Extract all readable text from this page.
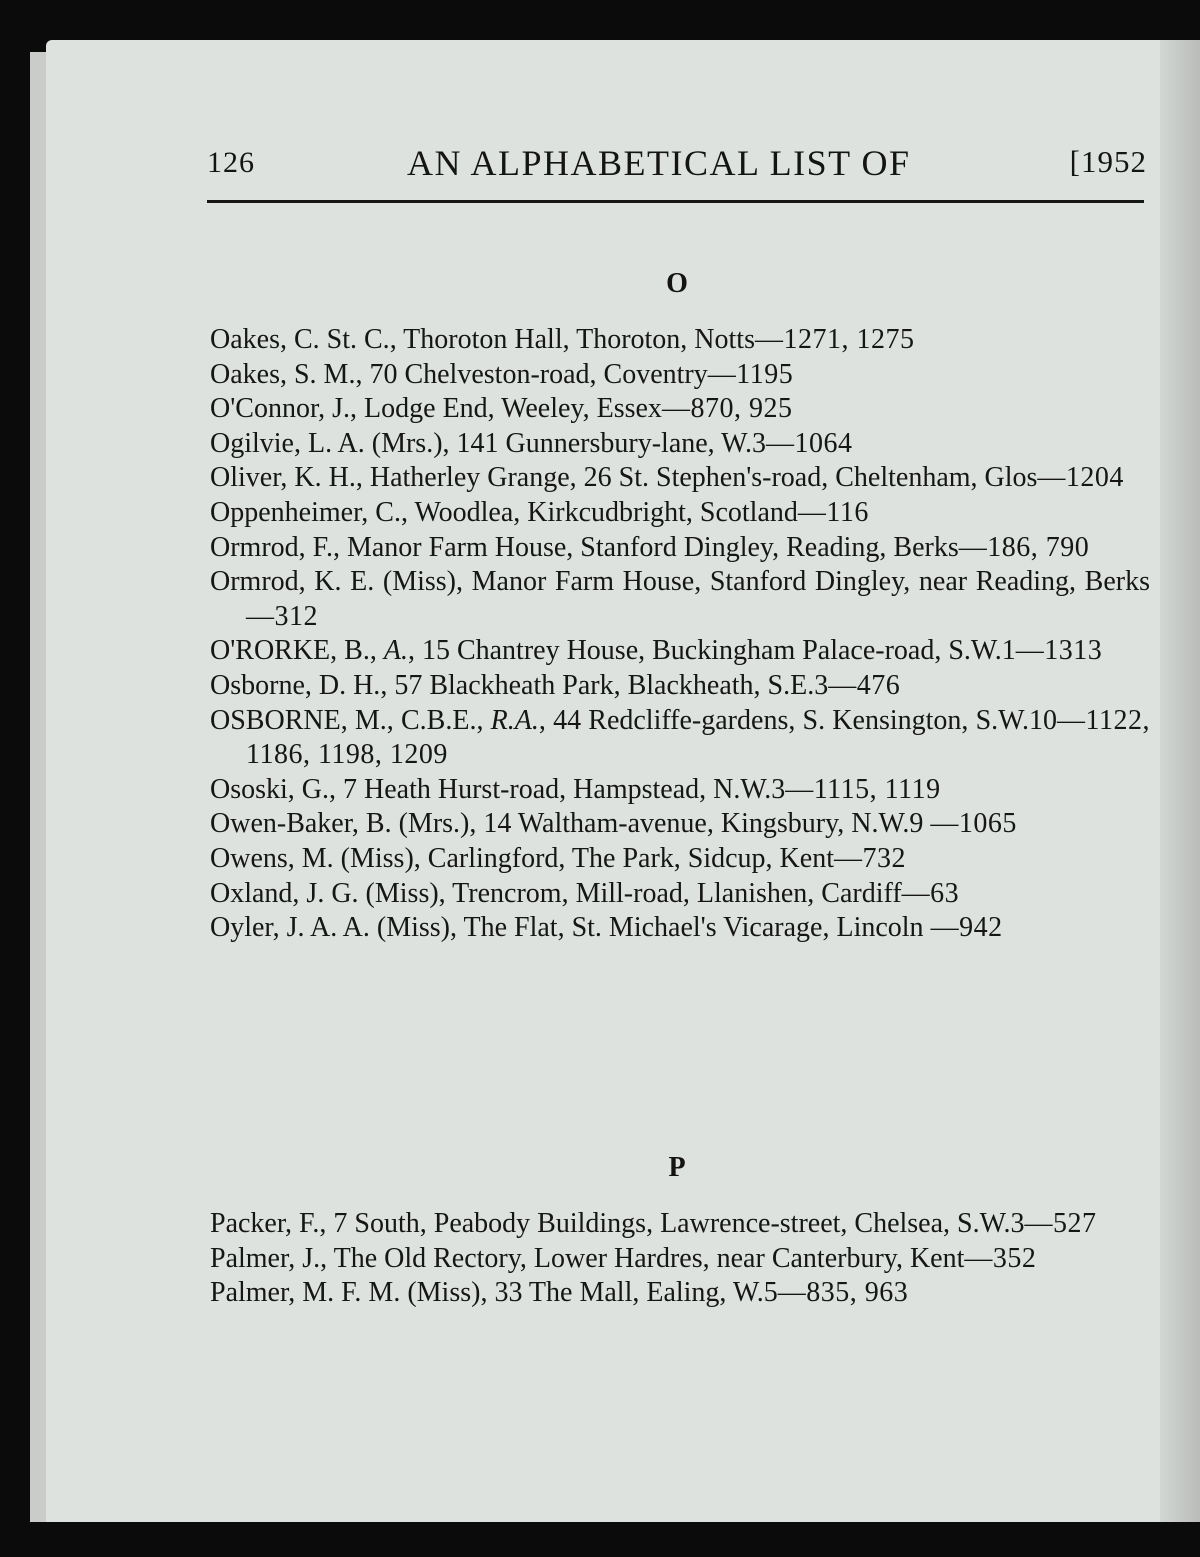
126	AN ALPHABETICAL LIST OF	[1952
O

Oakes, C. St. C., Thoroton Hall, Thoroton, Notts—1271, 1275

Oakes, S. M., 70 Chelveston-road, Coventry—1195

O'Connor, J., Lodge End, Weeley, Essex—870, 925

Ogilvie, L. A. (Mrs.), 141 Gunnersbury-lane, W.3—1064

Oliver, K. H., Hatherley Grange, 26 St. Stephen's-road, Cheltenham, Glos—1204

Oppenheimer, C., Woodlea, Kirkcudbright, Scotland—116

Ormrod, F., Manor Farm House, Stanford Dingley, Reading, Berks—186, 790

Ormrod, K. E. (Miss), Manor Farm House, Stanford Dingley, near Reading, Berks—312

O'RORKE, B., A., 15 Chantrey House, Buckingham Palace-road, S.W.1—1313

Osborne, D. H., 57 Blackheath Park, Blackheath, S.E.3—476

OSBORNE, M., C.B.E., R.A., 44 Redcliffe-gardens, S. Kensington, S.W.10—1122, 1186, 1198, 1209

Ososki, G., 7 Heath Hurst-road, Hampstead, N.W.3—1115, 1119

Owen-Baker, B. (Mrs.), 14 Waltham-avenue, Kingsbury, N.W.9 —1065

Owens, M. (Miss), Carlingford, The Park, Sidcup, Kent—732

Oxland, J. G. (Miss), Trencrom, Mill-road, Llanishen, Cardiff—63

Oyler, J. A. A. (Miss), The Flat, St. Michael's Vicarage, Lincoln —942

P

Packer, F., 7 South, Peabody Buildings, Lawrence-street, Chelsea, S.W.3—527

Palmer, J., The Old Rectory, Lower Hardres, near Canterbury, Kent—352

Palmer, M. F. M. (Miss), 33 The Mall, Ealing, W.5—835, 963
